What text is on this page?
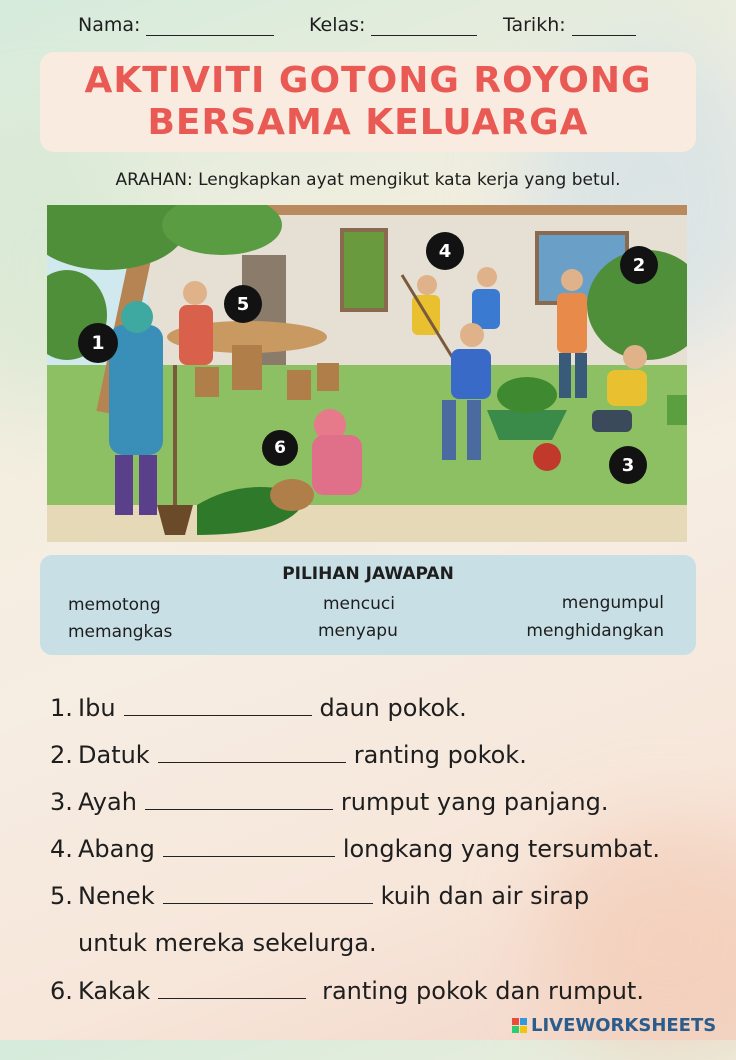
Nama:	Kelas:	Tarikh:
AKTIVITI GOTONG ROYONG
BERSAMA KELUARGA
ARAHAN: Lengkapkan ayat mengikut kata kerja yang betul.
1
2
3
4
5
6
PILIHAN JAWAPAN
memotong	mencuci	mengumpul
memangkas	menyapu	menghidangkan
1. Ibu	daun pokok.
2. Datuk	ranting pokok.
3. Ayah	rumput yang panjang.
4. Abang	longkang yang tersumbat.
5. Nenek	kuih dan air sirap
untuk mereka sekelurga.
6. Kakak	ranting pokok dan rumput.
LIVEWORKSHEETS
